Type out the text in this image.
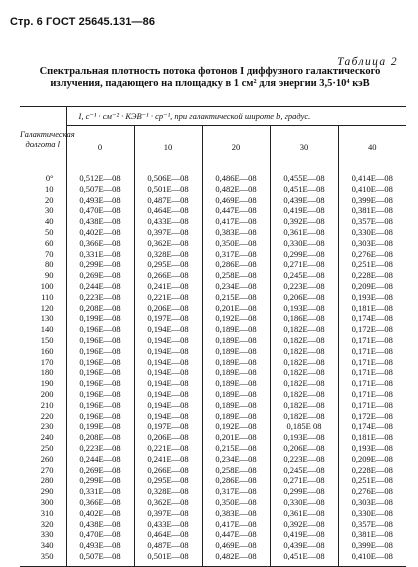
Стр. 6 ГОСТ 25645.131—86
Таблица 2
Спектральная плотность потока фотонов I диффузного галактического излучения, падающего на площадку в 1 см² для энергии 3,5·10⁴ кэВ
Галактическая долгота l	I, с⁻¹ · см⁻² · КЭВ⁻¹ · ср⁻¹, при галактической широте b, градус.				
	0	10	20	30	40
0°	0,512E—08	0,506E—08	0,486E—08	0,455E—08	0,414E—08
10	0,507E—08	0,501E—08	0,482E—08	0,451E—08	0,410E—08
20	0,493E—08	0,487E—08	0,469E—08	0,439E—08	0,399E—08
30	0,470E—08	0,464E—08	0,447E—08	0,419E—08	0,381E—08
40	0,438E—08	0,433E—08	0,417E—08	0,392E—08	0,357E—08
50	0,402E—08	0,397E—08	0,383E—08	0,361E—08	0,330E—08
60	0,366E—08	0,362E—08	0,350E—08	0,330E—08	0,303E—08
70	0,331E—08	0,328E—08	0,317E—08	0,299E—08	0,276E—08
80	0,299E—08	0,295E—08	0,286E—08	0,271E—08	0,251E—08
90	0,269E—08	0,266E—08	0,258E—08	0,245E—08	0,228E—08
100	0,244E—08	0,241E—08	0,234E—08	0,223E—08	0,209E—08
110	0,223E—08	0,221E—08	0,215E—08	0,206E—08	0,193E—08
120	0,208E—08	0,206E—08	0,201E—08	0,193E—08	0,181E—08
130	0,199E—08	0,197E—08	0,192E—08	0,186E—08	0,174E—08
140	0,196E—08	0,194E—08	0,189E—08	0,182E—08	0,172E—08
150	0,196E—08	0,194E—08	0,189E—08	0,182E—08	0,171E—08
160	0,196E—08	0,194E—08	0,189E—08	0,182E—08	0,171E—08
170	0,196E—08	0,194E—08	0,189E—08	0,182E—08	0,171E—08
180	0,196E—08	0,194E—08	0,189E—08	0,182E—08	0,171E—08
190	0,196E—08	0,194E—08	0,189E—08	0,182E—08	0,171E—08
200	0,196E—08	0,194E—08	0,189E—08	0,182E—08	0,171E—08
210	0,196E—08	0,194E—08	0,189E—08	0,182E—08	0,171E—08
220	0,196E—08	0,194E—08	0,189E—08	0,182E—08	0,172E—08
230	0,199E—08	0,197E—08	0,192E—08	0,185E 08	0,174E—08
240	0,208E—08	0,206E—08	0,201E—08	0,193E—08	0,181E—08
250	0,223E—08	0,221E—08	0,215E—08	0,206E—08	0,193E—08
260	0,244E—08	0,241E—08	0,234E—08	0,223E—08	0,209E—08
270	0,269E—08	0,266E—08	0,258E—08	0,245E—08	0,228E—08
280	0,299E—08	0,295E—08	0,286E—08	0,271E—08	0,251E—08
290	0,331E—08	0,328E—08	0,317E—08	0,299E—08	0,276E—08
300	0,366E—08	0,362E—08	0,350E—08	0,330E—08	0,303E—08
310	0,402E—08	0,397E—08	0,383E—08	0,361E—08	0,330E—08
320	0,438E—08	0,433E—08	0,417E—08	0,392E—08	0,357E—08
330	0,470E—08	0,464E—08	0,447E—08	0,419E—08	0,381E—08
340	0,493E—08	0,487E—08	0,469E—08	0,439E—08	0,399E—08
350	0,507E—08	0,501E—08	0,482E—08	0,451E—08	0,410E—08
